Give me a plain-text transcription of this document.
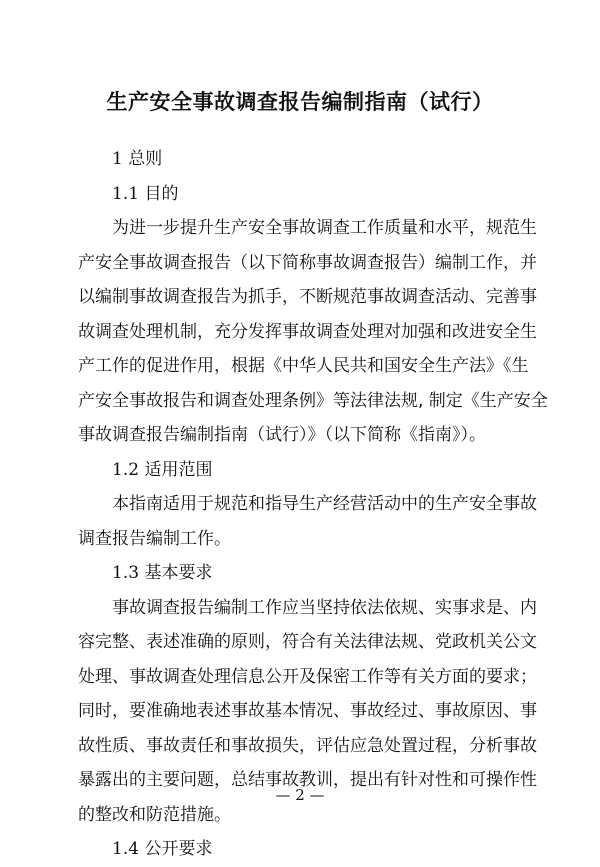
生产安全事故调查报告编制指南（试行）
1 总则
1.1 目的
为进一步提升生产安全事故调查工作质量和水平，规范生
产安全事故调查报告（以下简称事故调查报告）编制工作，并
以编制事故调查报告为抓手，不断规范事故调查活动、完善事
故调查处理机制，充分发挥事故调查处理对加强和改进安全生
产工作的促进作用，根据《中华人民共和国安全生产法》《生
产安全事故报告和调查处理条例》等法律法规, 制定《生产安全
事故调查报告编制指南（试行）》（以下简称《指南》）。
1.2 适用范围
本指南适用于规范和指导生产经营活动中的生产安全事故
调查报告编制工作。
1.3 基本要求
事故调查报告编制工作应当坚持依法依规、实事求是、内
容完整、表述准确的原则，符合有关法律法规、党政机关公文
处理、事故调查处理信息公开及保密工作等有关方面的要求；
同时，要准确地表述事故基本情况、事故经过、事故原因、事
故性质、事故责任和事故损失，评估应急处置过程，分析事故
暴露出的主要问题，总结事故教训，提出有针对性和可操作性
的整改和防范措施。
1.4 公开要求
— 2 —
